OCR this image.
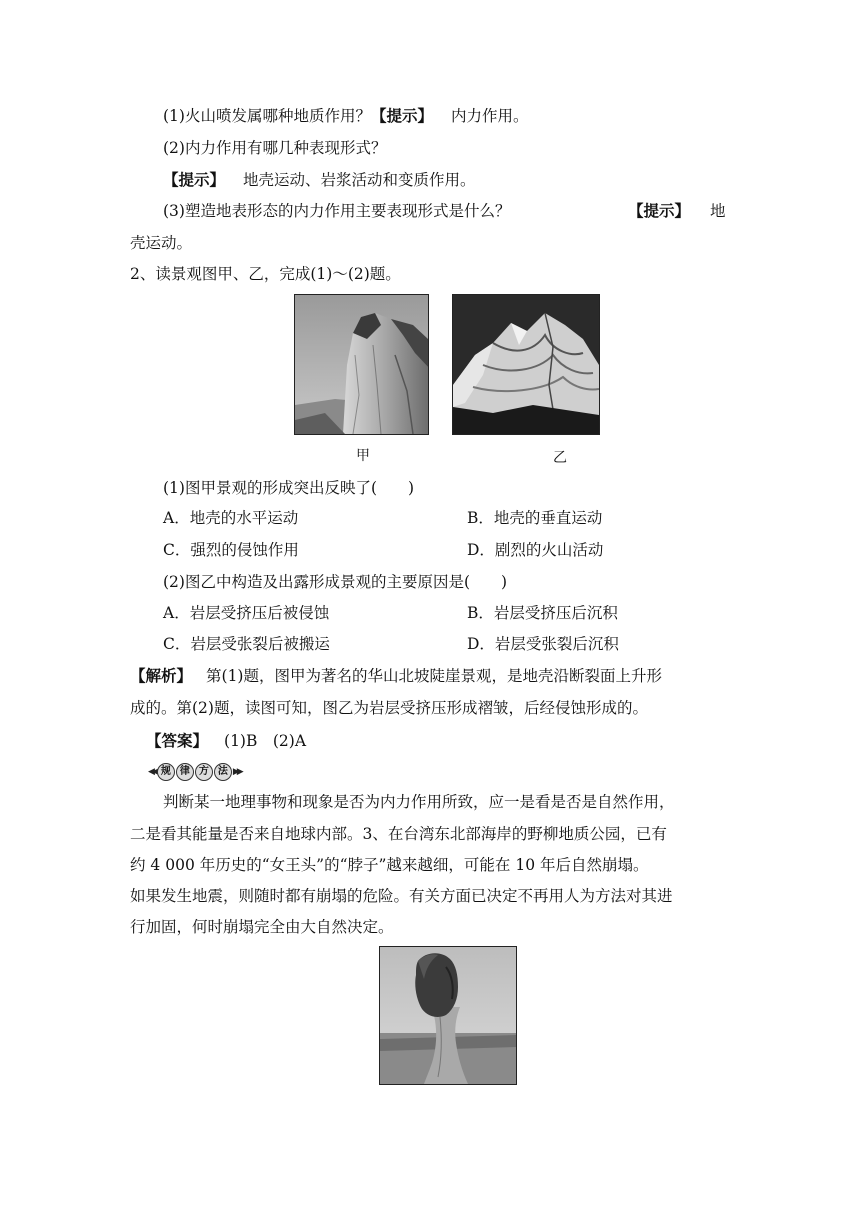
(1)火山喷发属哪种地质作用？【提示】 内力作用。
(2)内力作用有哪几种表现形式？
【提示】 地壳运动、岩浆活动和变质作用。
(3)塑造地表形态的内力作用主要表现形式是什么？	【提示】 地
壳运动。
2、读景观图甲、乙，完成(1)～(2)题。
甲	乙
(1)图甲景观的形成突出反映了(　　)
A．地壳的水平运动	B．地壳的垂直运动
C．强烈的侵蚀作用	D．剧烈的火山活动
(2)图乙中构造及出露形成景观的主要原因是(　　)
A．岩层受挤压后被侵蚀	B．岩层受挤压后沉积
C．岩层受张裂后被搬运	D．岩层受张裂后沉积
【解析】 第(1)题，图甲为著名的华山北坡陡崖景观，是地壳沿断裂面上升形
成的。第(2)题，读图可知，图乙为岩层受挤压形成褶皱，后经侵蚀形成的。
【答案】 (1)B　(2)A
◀◀ 规 律 方 法 ▶▶
判断某一地理事物和现象是否为内力作用所致，应一是看是否是自然作用，
二是看其能量是否来自地球内部。3、在台湾东北部海岸的野柳地质公园，已有
约 4 000 年历史的“女王头”的“脖子”越来越细，可能在 10 年后自然崩塌。
如果发生地震，则随时都有崩塌的危险。有关方面已决定不再用人为方法对其进
行加固，何时崩塌完全由大自然决定。
